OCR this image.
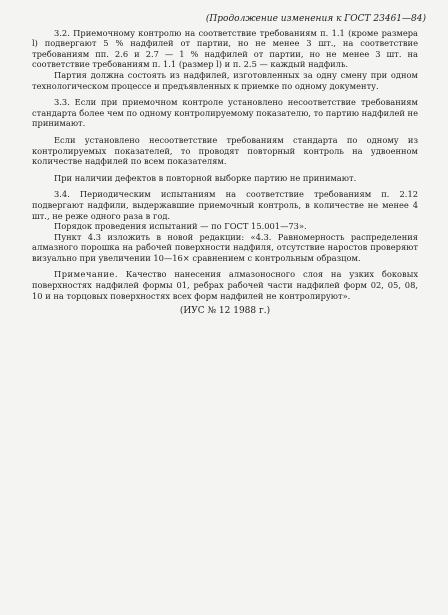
(Продолжение изменения к ГОСТ 23461—84)

3.2. Приемочному контролю на соответствие требованиям п. 1.1 (кроме размера l) подвергают 5 % надфилей от партии, но не менее 3 шт., на соответствие требованиям пп. 2.6 и 2.7 — 1 % надфилей от партии, но не менее 3 шт. на соответствие требованиям п. 1.1 (размер l) и п. 2.5 — каждый надфиль.

Партия должна состоять из надфилей, изготовленных за одну смену при одном технологическом процессе и предъявленных к приемке по одному документу.

3.3. Если при приемочном контроле установлено несоответствие требованиям стандарта более чем по одному контролируемому показателю, то партию надфилей не принимают.

Если установлено несоответствие требованиям стандарта по одному из контролируемых показателей, то проводят повторный контроль на удвоенном количестве надфилей по всем показателям.

При наличии дефектов в повторной выборке партию не принимают.

3.4. Периодическим испытаниям на соответствие требованиям п. 2.12 подвергают надфили, выдержавшие приемочный контроль, в количестве не менее 4 шт., не реже одного раза в год.

Порядок проведения испытаний — по ГОСТ 15.001—73».

Пункт 4.3 изложить в новой редакции: «4.3. Равномерность распределения алмазного порошка на рабочей поверхности надфиля, отсутствие наростов проверяют визуально при увеличении 10—16× сравнением с контрольным образцом.

Примечание. Качество нанесения алмазоносного слоя на узких боковых поверхностях надфилей формы 01, ребрах рабочей части надфилей форм 02, 05, 08, 10 и на торцовых поверхностях всех форм надфилей не контролируют».

(ИУС № 12 1988 г.)
